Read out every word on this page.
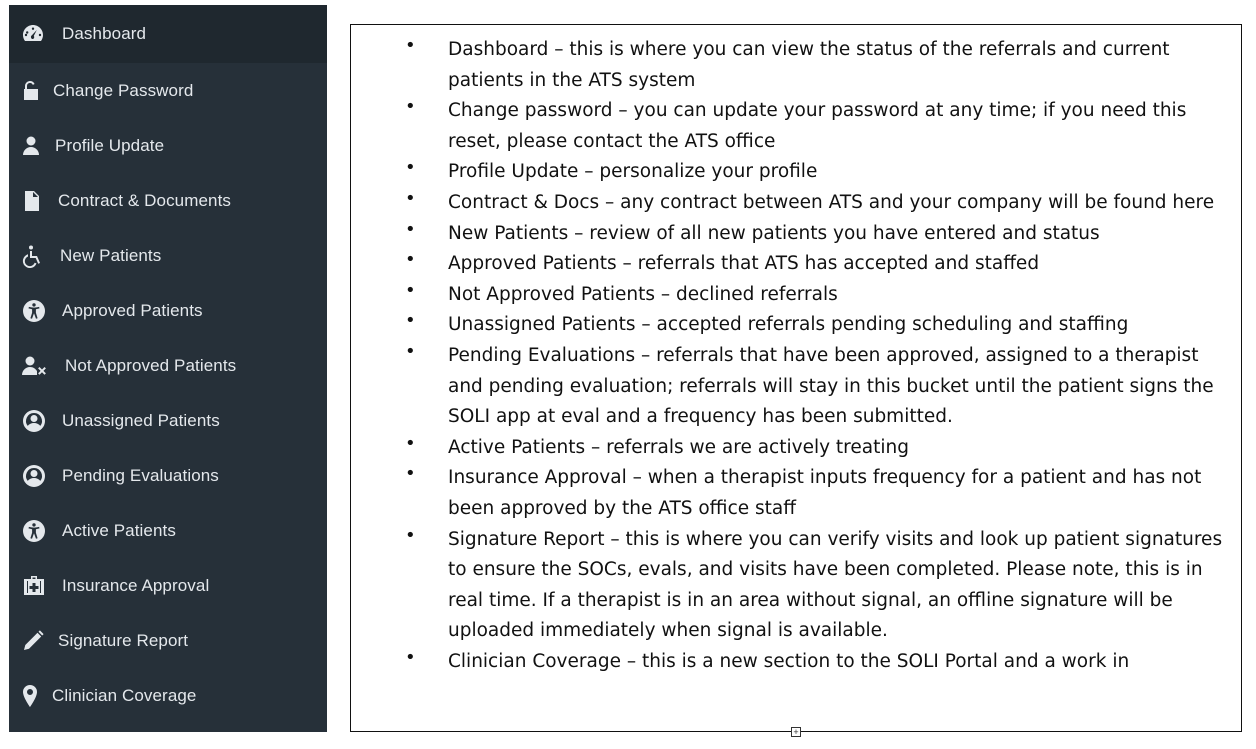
Dashboard
Change Password
Profile Update
Contract & Documents
New Patients
Approved Patients
Not Approved Patients
Unassigned Patients
Pending Evaluations
Active Patients
Insurance Approval
Signature Report
Clinician Coverage
• Dashboard – this is where you can view the status of the referrals and current patients in the ATS system
• Change password – you can update your password at any time; if you need this reset, please contact the ATS office
• Profile Update – personalize your profile
• Contract & Docs – any contract between ATS and your company will be found here
• New Patients – review of all new patients you have entered and status
• Approved Patients – referrals that ATS has accepted and staffed
• Not Approved Patients – declined referrals
• Unassigned Patients – accepted referrals pending scheduling and staffing
• Pending Evaluations – referrals that have been approved, assigned to a therapist and pending evaluation; referrals will stay in this bucket until the patient signs the SOLI app at eval and a frequency has been submitted.
• Active Patients – referrals we are actively treating
• Insurance Approval – when a therapist inputs frequency for a patient and has not been approved by the ATS office staff
• Signature Report – this is where you can verify visits and look up patient signatures to ensure the SOCs, evals, and visits have been completed. Please note, this is in real time. If a therapist is in an area without signal, an offline signature will be uploaded immediately when signal is available.
• Clinician Coverage – this is a new section to the SOLI Portal and a work in
+
